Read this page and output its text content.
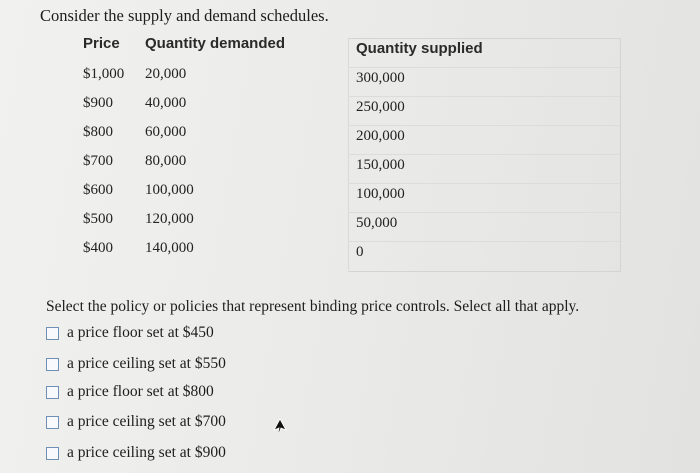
Consider the supply and demand schedules.
Price Quantity demanded	Quantity supplied
$1,000 20,000	300,000
$900 40,000	250,000
$800 60,000	200,000
$700 80,000	150,000
$600 100,000	100,000
$500 120,000	50,000
$400 140,000	0
Select the policy or policies that represent binding price controls. Select all that apply.
a price floor set at $450
a price ceiling set at $550
a price floor set at $800
a price ceiling set at $700
a price ceiling set at $900
